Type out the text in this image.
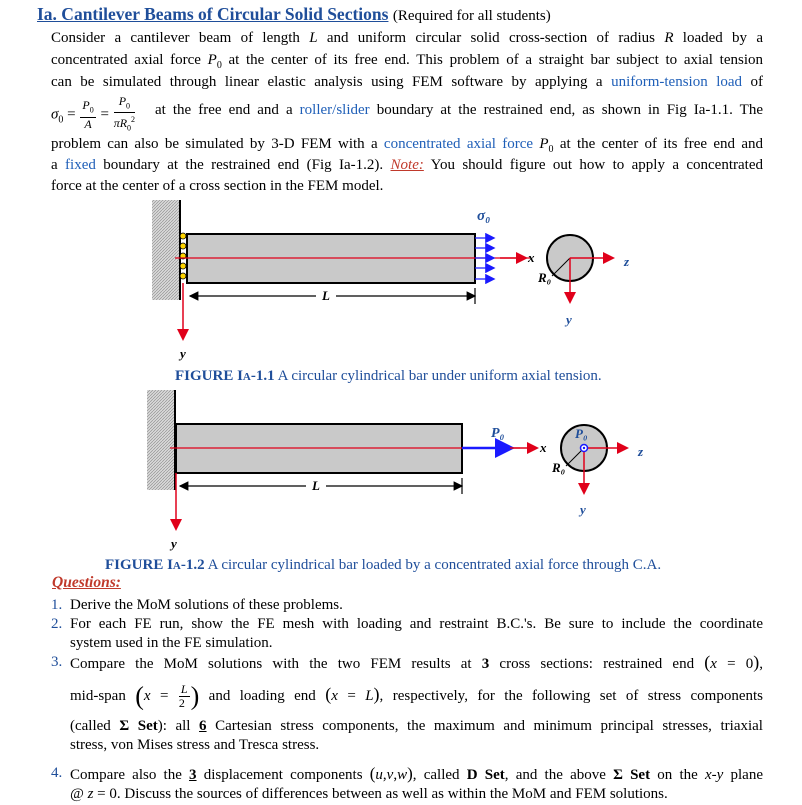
Ia. Cantilever Beams of Circular Solid Sections (Required for all students)
Consider a cantilever beam of length L and uniform circular solid cross-section of radius R loaded by a
concentrated axial force $P_0$ at the center of its free end. This problem of a straight bar subject to axial tension
can be simulated through linear elastic analysis using FEM software by applying a uniform-tension load of
$\sigma_0 = \frac{P_0}{A} = \frac{P_0}{\pi R_0^2}$ at the free end and a roller/slider boundary at the restrained end, as shown in Fig Ia-1.1. The
problem can also be simulated by 3-D FEM with a concentrated axial force $P_0$ at the center of its free end and
a fixed boundary at the restrained end (Fig Ia-1.2). Note: You should figure out how to apply a concentrated
force at the center of a cross section in the FEM model.
σ₀
x
y
L
z
y
R₀
FIGURE Ia-1.1 A circular cylindrical bar under uniform axial tension.
P₀
x
y
L
z
y
R₀
P₀
FIGURE Ia-1.2 A circular cylindrical bar loaded by a concentrated axial force through C.A.
Questions:
1. Derive the MoM solutions of these problems.
2. For each FE run, show the FE mesh with loading and restraint B.C.'s. Be sure to include the coordinate
system used in the FE simulation.
3. Compare the MoM solutions with the two FEM results at 3 cross sections: restrained end (x = 0),
mid-span ($x = \frac{L}{2}$ ) and loading end (x = L), respectively, for the following set of stress components
(called Σ Set): all 6 Cartesian stress components, the maximum and minimum principal stresses, triaxial
stress, von Mises stress and Tresca stress.
4. Compare also the 3 displacement components (u,v,w), called D Set, and the above Σ Set on the x-y plane
@ z = 0. Discuss the sources of differences between as well as within the MoM and FEM solutions.
